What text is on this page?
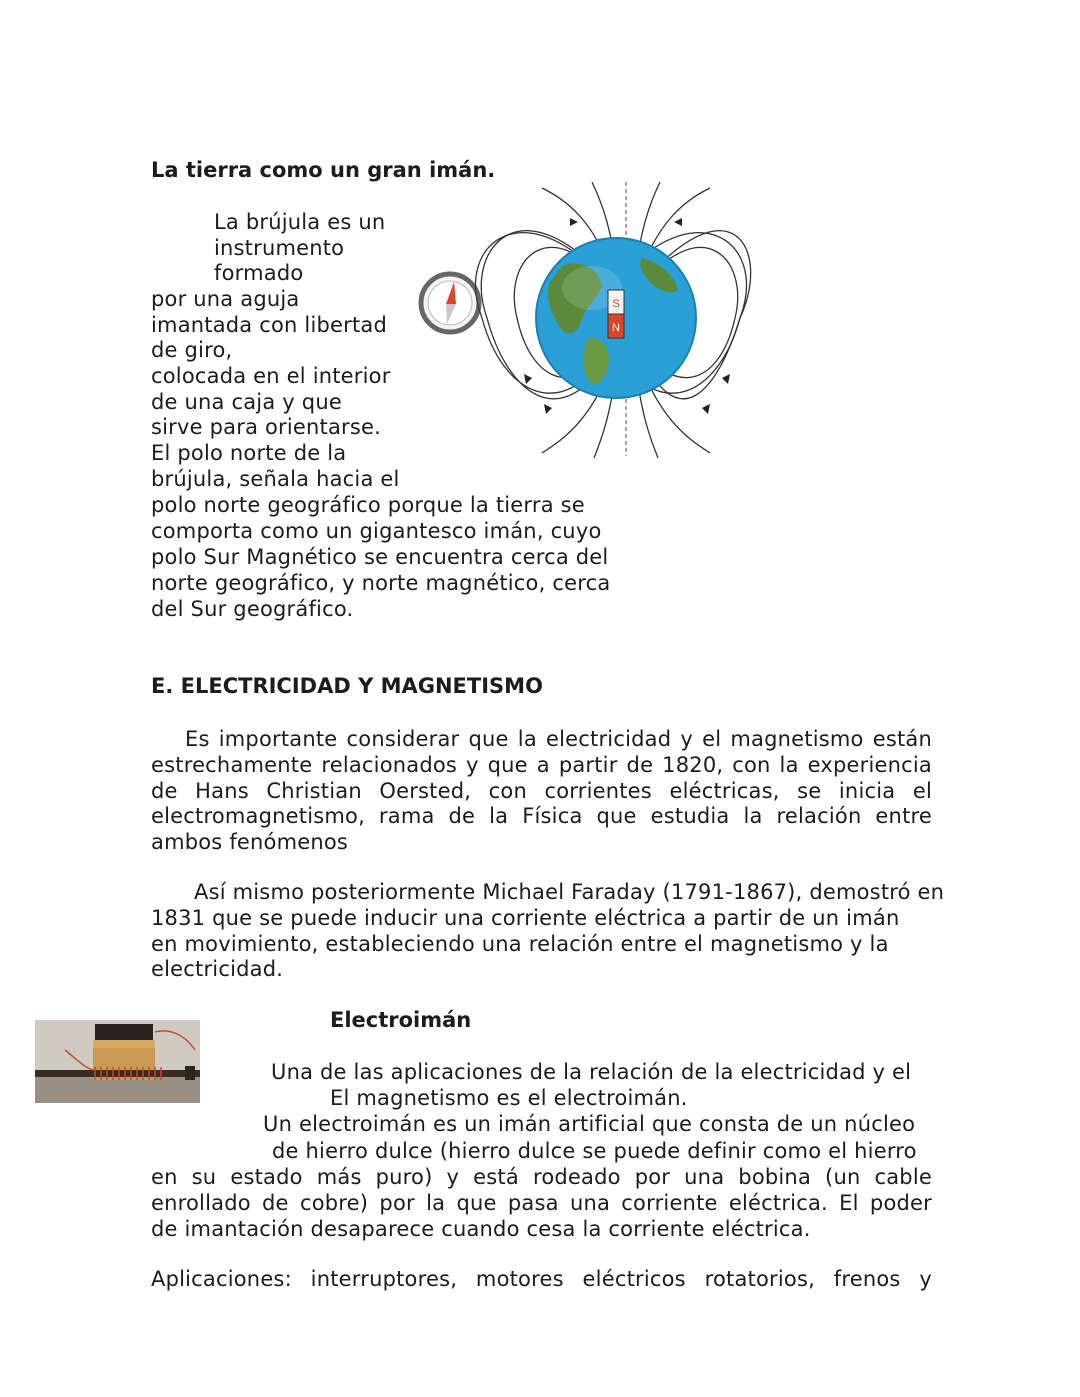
La tierra como un gran imán.
La brújula es un
instrumento
formado
por una aguja
imantada con libertad
de giro,
colocada en el interior
de una caja y que
sirve para orientarse.
El polo norte de la
brújula, señala hacia el
polo norte geográfico porque la tierra se
comporta como un gigantesco imán, cuyo
polo Sur Magnético se encuentra cerca del
norte geográfico, y norte magnético, cerca
del Sur geográfico.
S
N
E. ELECTRICIDAD Y MAGNETISMO
Es importante considerar que la electricidad y el magnetismo están
estrechamente relacionados y que a partir de 1820, con la experiencia
de Hans Christian Oersted, con corrientes eléctricas, se inicia el
electromagnetismo, rama de la Física que estudia la relación entre
ambos fenómenos
Así mismo posteriormente Michael Faraday (1791-1867), demostró en
1831 que se puede inducir una corriente eléctrica a partir de un imán
en movimiento, estableciendo una relación entre el magnetismo y la
electricidad.
Electroimán
Una de las aplicaciones de la relación de la electricidad y el
El magnetismo es el electroimán.
Un electroimán es un imán artificial que consta de un núcleo
de hierro dulce (hierro dulce se puede definir como el hierro
en su estado más puro) y está rodeado por una bobina (un cable
enrollado de cobre) por la que pasa una corriente eléctrica. El poder
de imantación desaparece cuando cesa la corriente eléctrica.
Aplicaciones: interruptores, motores eléctricos rotatorios, frenos y
